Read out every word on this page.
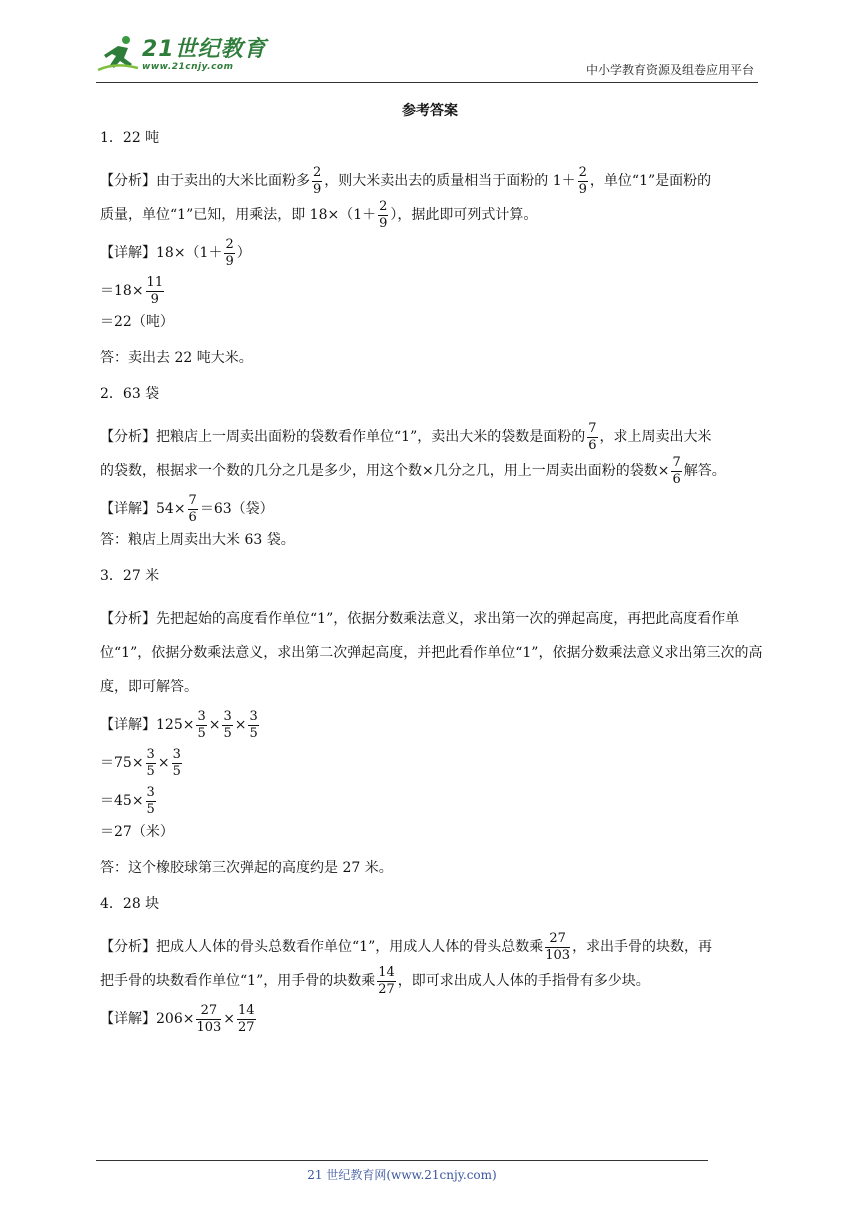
21世纪教育
www.21cnjy.com	中小学教育资源及组卷应用平台
参考答案

1．22 吨

【分析】由于卖出的大米比面粉多 $\frac{2}{9}$ ，则大米卖出去的质量相当于面粉的 $1+ \frac{2}{9}$ ，单位“1”是面粉的
质量，单位“1”已知，用乘法，即 $18\times(1+ \frac{2}{9}$ ），据此即可列式计算。

【详解】$18\times(1+ \frac{2}{9}$ ）

$=18\times \frac{11}{9}$

＝22（吨）

答：卖出去 22 吨大米。

2．63 袋

【分析】把粮店上一周卖出面粉的袋数看作单位“1”，卖出大米的袋数是面粉的 $\frac{7}{6}$ ，求上周卖出大米
的袋数，根据求一个数的几分之几是多少，用这个数×几分之几，用上一周卖出面粉的袋数× $\frac{7}{6}$ 解答。

【详解】$54\times \frac{7}{6} =63$（袋）

答：粮店上周卖出大米 63 袋。

3．27 米

【分析】先把起始的高度看作单位“1”，依据分数乘法意义，求出第一次的弹起高度，再把此高度看作单位“1”，依据分数乘法意义，求出第二次弹起高度，并把此看作单位“1”，依据分数乘法意义求出第三次的高度，即可解答。

【详解】$125\times \frac{3}{5} \times \frac{3}{5} \times \frac{3}{5}$

$=75\times \frac{3}{5} \times \frac{3}{5}$

$=45\times \frac{3}{5}$

＝27（米）

答：这个橡胶球第三次弹起的高度约是 27 米。

4．28 块

【分析】把成人人体的骨头总数看作单位“1”，用成人人体的骨头总数乘 $\frac{27}{103}$ ，求出手骨的块数，再
把手骨的块数看作单位“1”，用手骨的块数乘 $\frac{14}{27}$ ，即可求出成人人体的手指骨有多少块。

【详解】$206\times \frac{27}{103} \times \frac{14}{27}$

21 世纪教育网(www.21cnjy.com)
